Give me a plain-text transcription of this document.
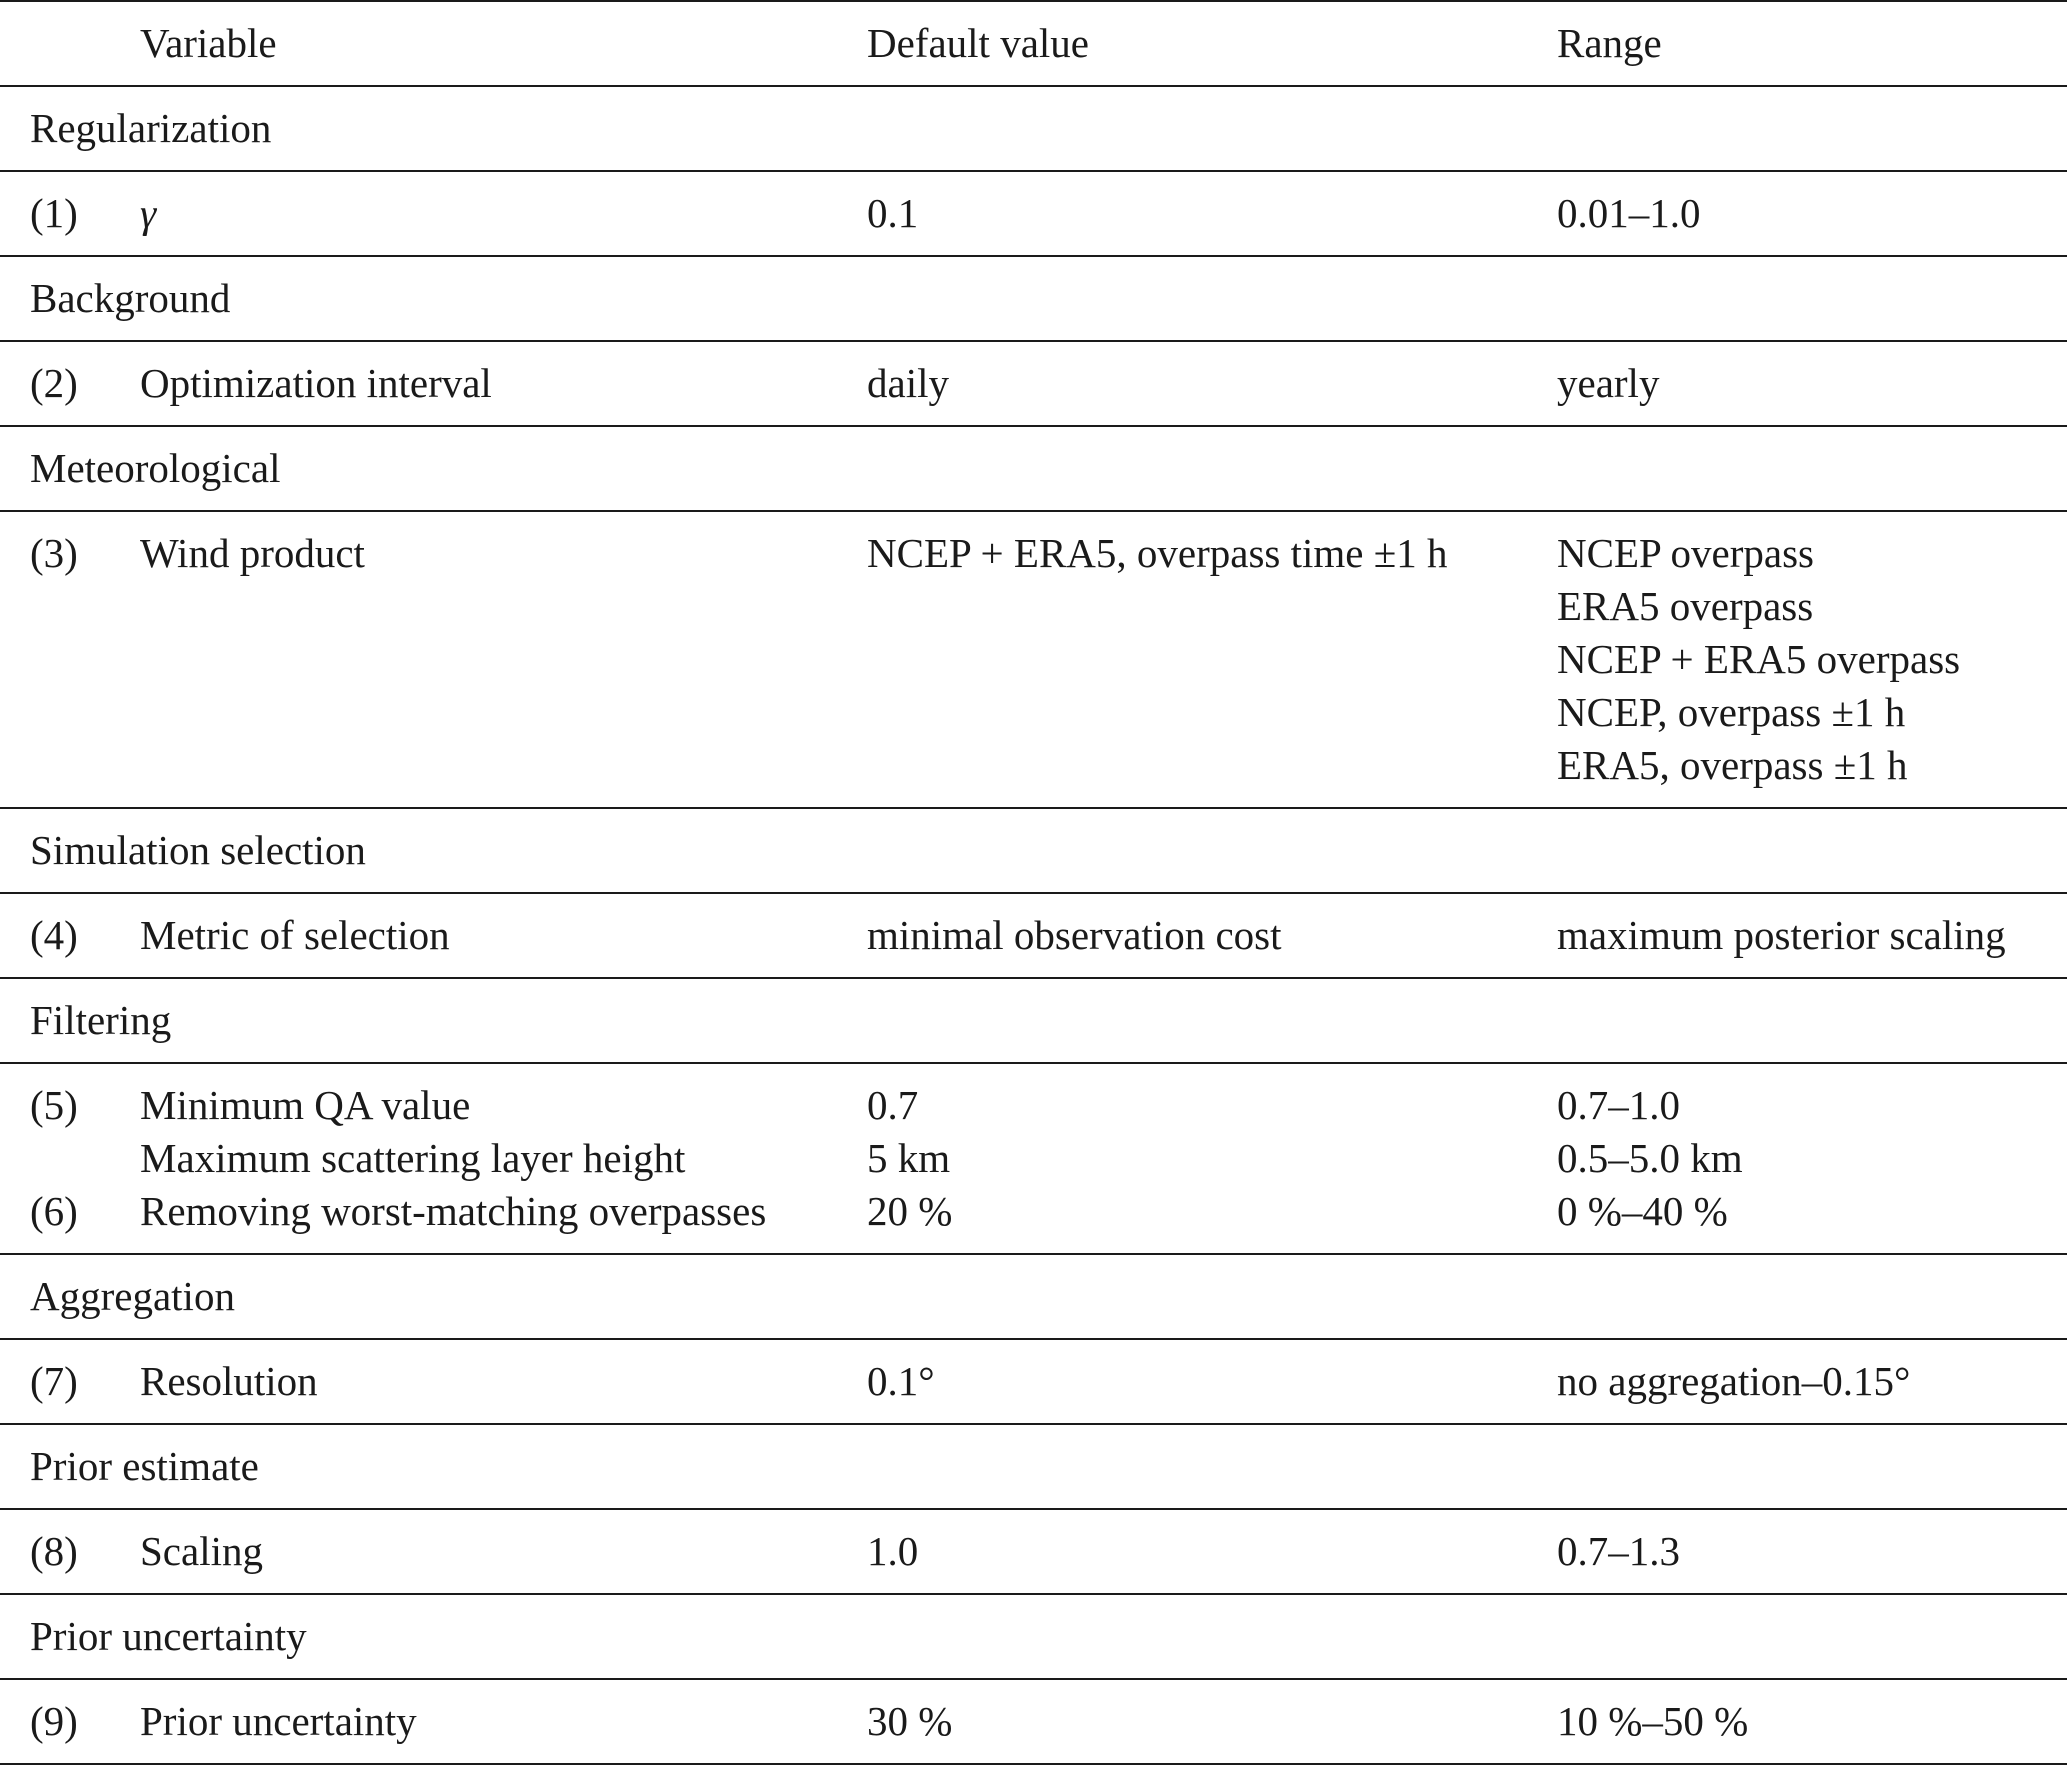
	Variable	Default value	Range
Regularization			
(1)	γ	0.1	0.01–1.0

Background			
(2)	Optimization interval	daily	yearly

Meteorological			
(3)	Wind product	NCEP + ERA5, overpass time ±1 h	NCEP overpass
ERA5 overpass
NCEP + ERA5 overpass
NCEP, overpass ±1 h
ERA5, overpass ±1 h

Simulation selection			
(4)	Metric of selection	minimal observation cost	maximum posterior scaling

Filtering			
(5)	Minimum QA value	0.7	0.7–1.0

	Maximum scattering layer height	5 km	0.5–5.0 km

(6)	Removing worst-matching overpasses	20 %	0 %–40 %

Aggregation			
(7)	Resolution	0.1°	no aggregation–0.15°

Prior estimate			
(8)	Scaling	1.0	0.7–1.3

Prior uncertainty			
(9)	Prior uncertainty	30 %	10 %–50 %
